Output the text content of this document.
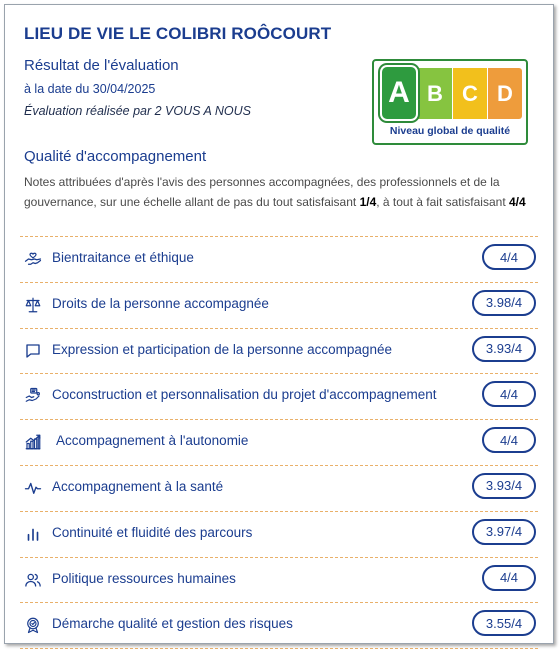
LIEU DE VIE LE COLIBRI ROÔCOURT
Résultat de l'évaluation
à la date du 30/04/2025
Évaluation réalisée par 2 VOUS A NOUS
B C D
A
Niveau global de qualité
Qualité d'accompagnement
Notes attribuées d'après l'avis des personnes accompagnées, des professionnels et de la gouvernance, sur une échelle allant de pas du tout satisfaisant 1/4, à tout à fait satisfaisant 4/4
Bientraitance et éthique	4/4
Droits de la personne accompagnée	3.98/4
Expression et participation de la personne accompagnée	3.93/4
Coconstruction et personnalisation du projet d'accompagnement	4/4
Accompagnement à l'autonomie	4/4
Accompagnement à la santé	3.93/4
Continuité et fluidité des parcours	3.97/4
Politique ressources humaines	4/4
Démarche qualité et gestion des risques	3.55/4
